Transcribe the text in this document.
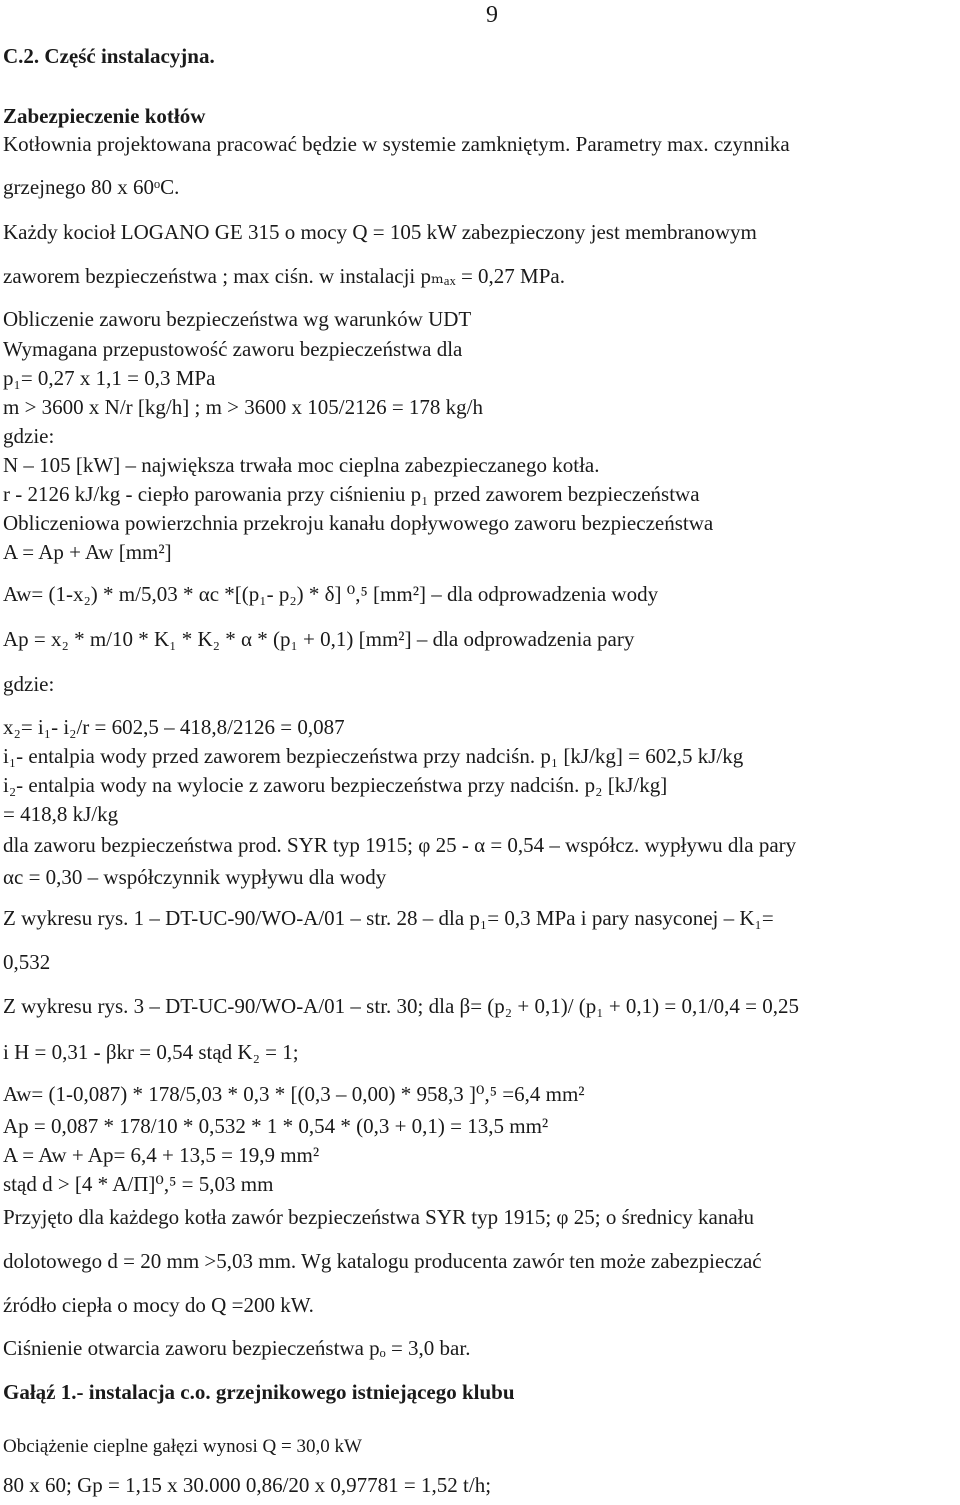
9
C.2. Część instalacyjna.
Zabezpieczenie kotłów
Kotłownia projektowana pracować będzie w systemie zamkniętym. Parametry max. czynnika
grzejnego 80 x 60ᵒC.
Każdy kocioł LOGANO GE 315 o mocy Q = 105 kW zabezpieczony jest membranowym
zaworem bezpieczeństwa ; max ciśn. w instalacji pₘₐₓ = 0,27 MPa.
Obliczenie zaworu bezpieczeństwa wg warunków UDT
Wymagana przepustowość zaworu bezpieczeństwa dla
p₁= 0,27 x 1,1 = 0,3 MPa
m > 3600 x N/r [kg/h] ; m > 3600 x 105/2126 = 178 kg/h
gdzie:
N – 105 [kW] – największa trwała moc cieplna zabezpieczanego kotła.
r - 2126 kJ/kg - ciepło parowania przy ciśnieniu p₁ przed zaworem bezpieczeństwa
Obliczeniowa powierzchnia przekroju kanału dopływowego zaworu bezpieczeństwa
A = Ap + Aw [mm²]
Aw= (1-x₂) * m/5,03 * αc *[(p₁- p₂) * δ] ⁰,⁵ [mm²] – dla odprowadzenia wody
Ap = x₂ * m/10 * K₁ * K₂ * α * (p₁ + 0,1) [mm²] – dla odprowadzenia pary
gdzie:
x₂= i₁- i₂/r = 602,5 – 418,8/2126 = 0,087
i₁- entalpia wody przed zaworem bezpieczeństwa przy nadciśn. p₁ [kJ/kg] = 602,5 kJ/kg
i₂- entalpia wody na wylocie z zaworu bezpieczeństwa przy nadciśn. p₂ [kJ/kg]
= 418,8 kJ/kg
dla zaworu bezpieczeństwa prod. SYR typ 1915; φ 25 - α = 0,54 – współcz. wypływu dla pary
αc = 0,30 – współczynnik wypływu dla wody
Z wykresu rys. 1 – DT-UC-90/WO-A/01 – str. 28 – dla p₁= 0,3 MPa i pary nasyconej – K₁=
0,532
Z wykresu rys. 3 – DT-UC-90/WO-A/01 – str. 30; dla β= (p₂ + 0,1)/ (p₁ + 0,1) = 0,1/0,4 = 0,25
i H = 0,31 - βkr = 0,54 stąd K₂ = 1;
Aw= (1-0,087) * 178/5,03 * 0,3 * [(0,3 – 0,00) * 958,3 ]⁰,⁵ =6,4 mm²
Ap = 0,087 * 178/10 * 0,532 * 1 * 0,54 * (0,3 + 0,1) = 13,5 mm²
A = Aw + Ap= 6,4 + 13,5 = 19,9 mm²
stąd d > [4 * A/Π]⁰,⁵ = 5,03 mm
Przyjęto dla każdego kotła zawór bezpieczeństwa SYR typ 1915; φ 25; o średnicy kanału
dolotowego d = 20 mm >5,03 mm. Wg katalogu producenta zawór ten może zabezpieczać
źródło ciepła o mocy do Q =200 kW.
Ciśnienie otwarcia zaworu bezpieczeństwa pₒ = 3,0 bar.
Gałąź 1.- instalacja c.o. grzejnikowego istniejącego klubu
Obciążenie cieplne gałęzi wynosi Q = 30,0 kW
80 x 60; Gp = 1,15 x 30.000 0,86/20 x 0,97781 = 1,52 t/h;
